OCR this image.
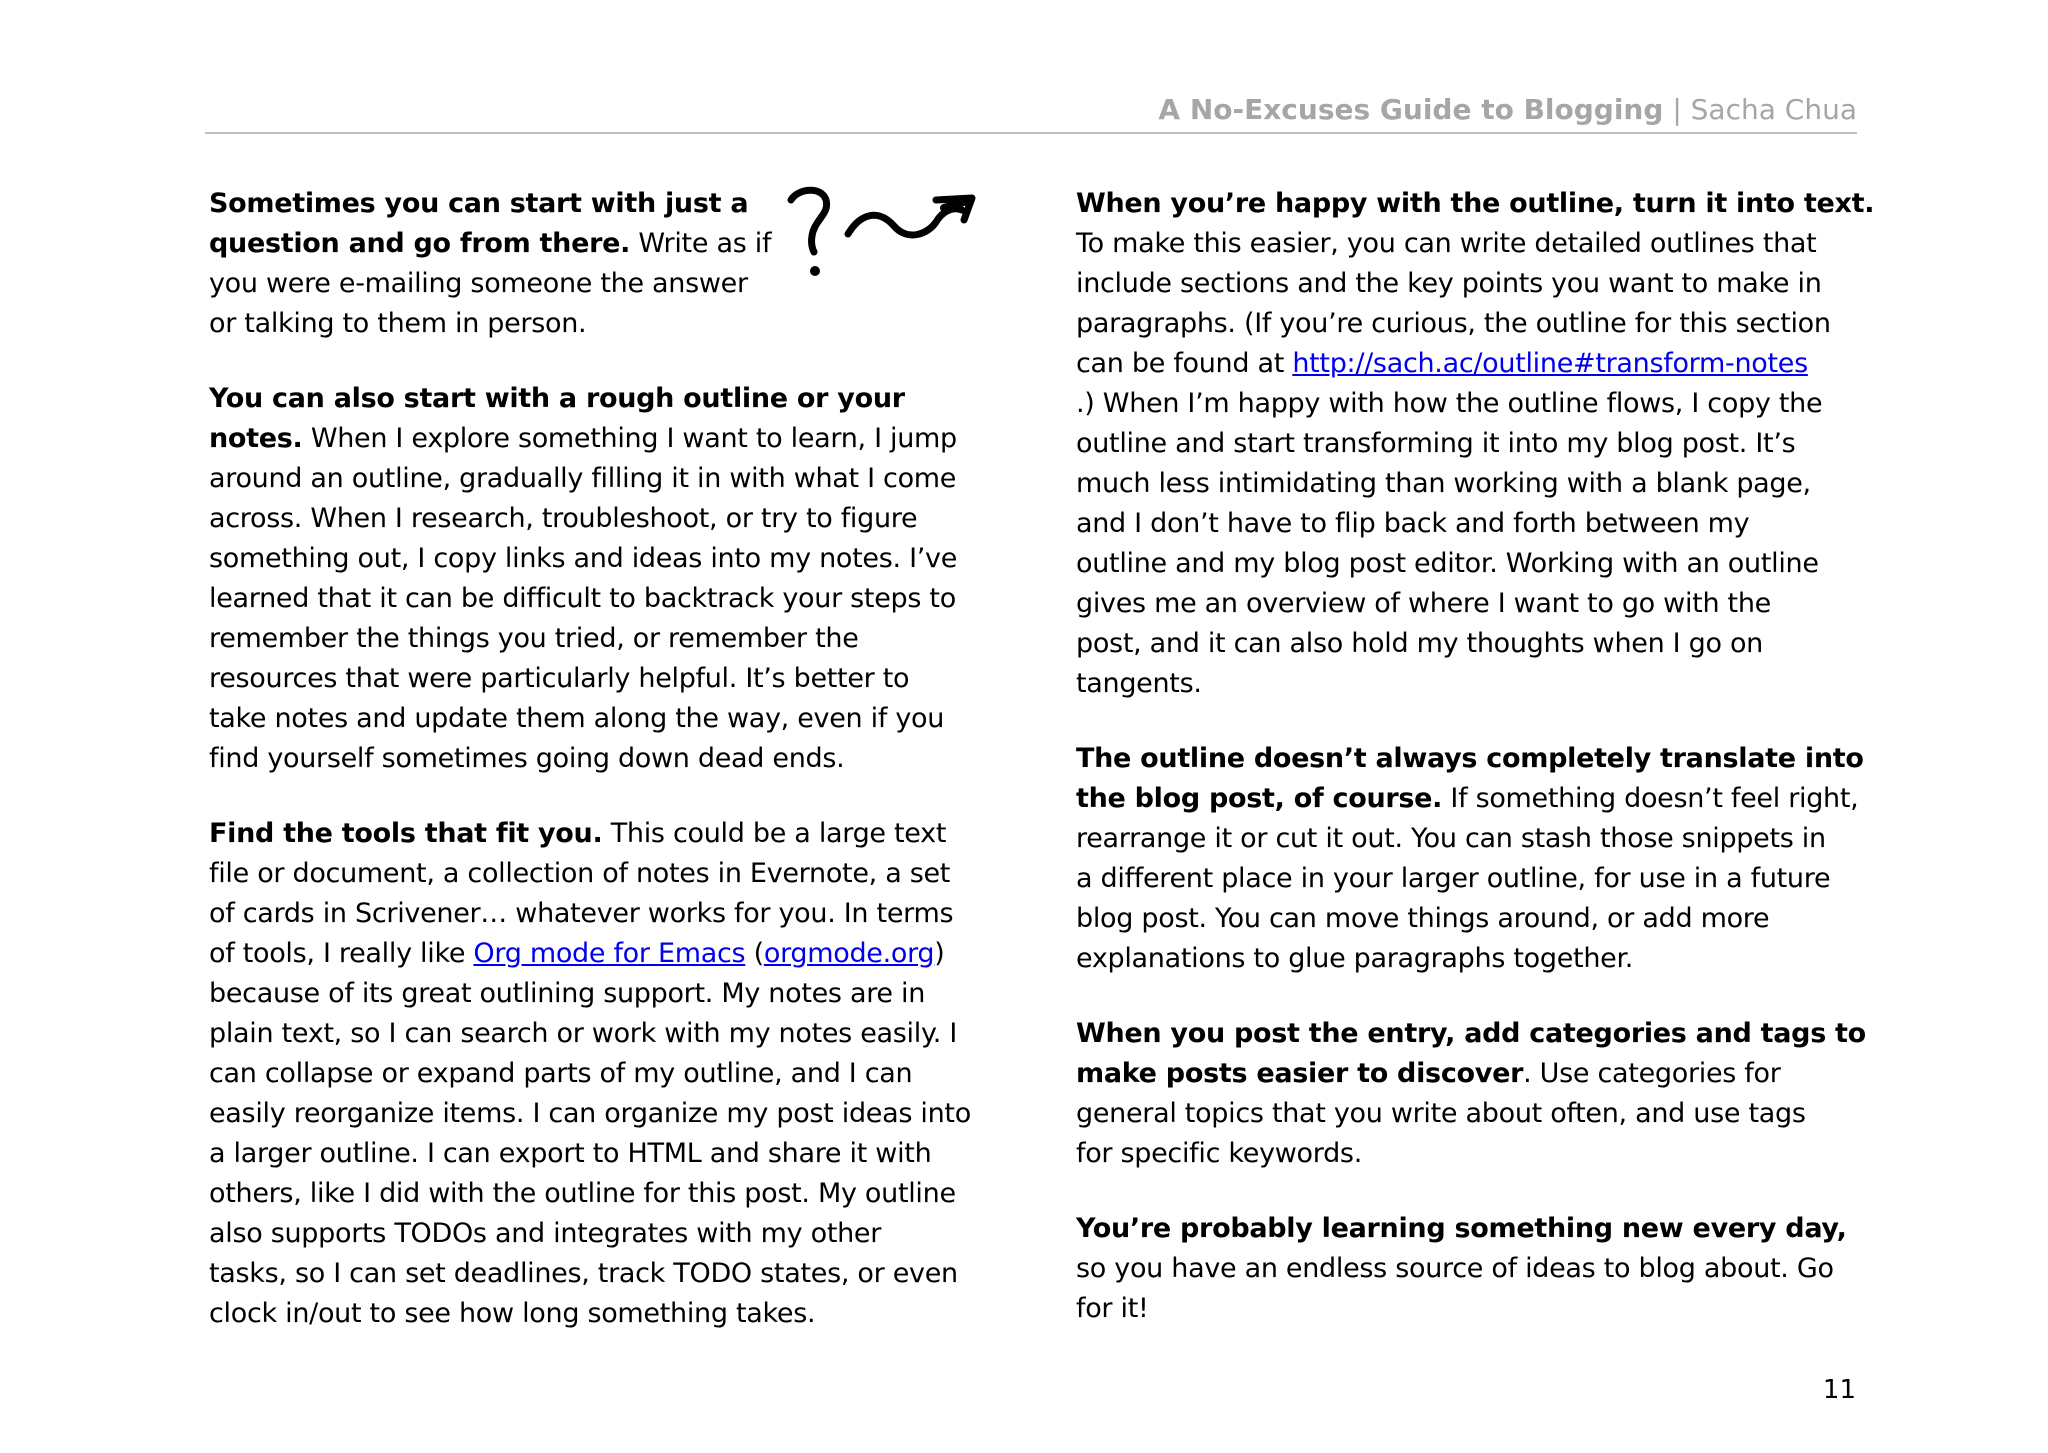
A No-Excuses Guide to Blogging | Sacha Chua
Sometimes you can start with just a
question and go from there. Write as if
you were e-mailing someone the answer
or talking to them in person.
You can also start with a rough outline or your
notes. When I explore something I want to learn, I jump
around an outline, gradually filling it in with what I come
across. When I research, troubleshoot, or try to figure
something out, I copy links and ideas into my notes. I’ve
learned that it can be difficult to backtrack your steps to
remember the things you tried, or remember the
resources that were particularly helpful. It’s better to
take notes and update them along the way, even if you
find yourself sometimes going down dead ends.
Find the tools that fit you. This could be a large text
file or document, a collection of notes in Evernote, a set
of cards in Scrivener… whatever works for you. In terms
of tools, I really like Org mode for Emacs (orgmode.org)
because of its great outlining support. My notes are in
plain text, so I can search or work with my notes easily. I
can collapse or expand parts of my outline, and I can
easily reorganize items. I can organize my post ideas into
a larger outline. I can export to HTML and share it with
others, like I did with the outline for this post. My outline
also supports TODOs and integrates with my other
tasks, so I can set deadlines, track TODO states, or even
clock in/out to see how long something takes.
When you’re happy with the outline, turn it into text.
To make this easier, you can write detailed outlines that
include sections and the key points you want to make in
paragraphs. (If you’re curious, the outline for this section
can be found at http://sach.ac/outline#transform-notes
.) When I’m happy with how the outline flows, I copy the
outline and start transforming it into my blog post. It’s
much less intimidating than working with a blank page,
and I don’t have to flip back and forth between my
outline and my blog post editor. Working with an outline
gives me an overview of where I want to go with the
post, and it can also hold my thoughts when I go on
tangents.
The outline doesn’t always completely translate into
the blog post, of course. If something doesn’t feel right,
rearrange it or cut it out. You can stash those snippets in
a different place in your larger outline, for use in a future
blog post. You can move things around, or add more
explanations to glue paragraphs together.
When you post the entry, add categories and tags to
make posts easier to discover. Use categories for
general topics that you write about often, and use tags
for specific keywords.
You’re probably learning something new every day,
so you have an endless source of ideas to blog about. Go
for it!
11
